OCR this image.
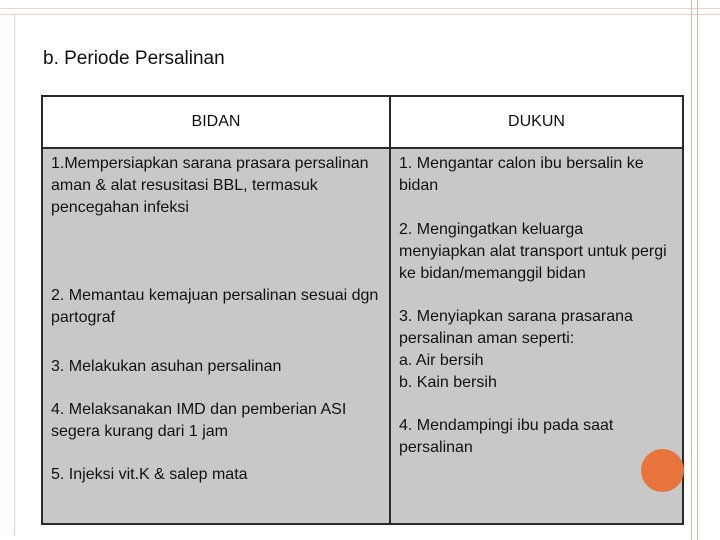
b. Periode Persalinan
BIDAN	DUKUN
1.Mempersiapkan sarana prasara persalinan aman & alat resusitasi BBL, termasuk pencegahan infeksi
2. Memantau kemajuan persalinan sesuai dgn partograf
3. Melakukan asuhan persalinan
4. Melaksanakan IMD dan pemberian ASI segera kurang dari 1 jam
5. Injeksi vit.K & salep mata
1. Mengantar calon ibu bersalin ke bidan
2. Mengingatkan keluarga menyiapkan alat transport untuk pergi ke bidan/memanggil bidan
3. Menyiapkan sarana prasarana persalinan aman seperti:
a. Air bersih
b. Kain bersih
4. Mendampingi ibu pada saat persalinan
